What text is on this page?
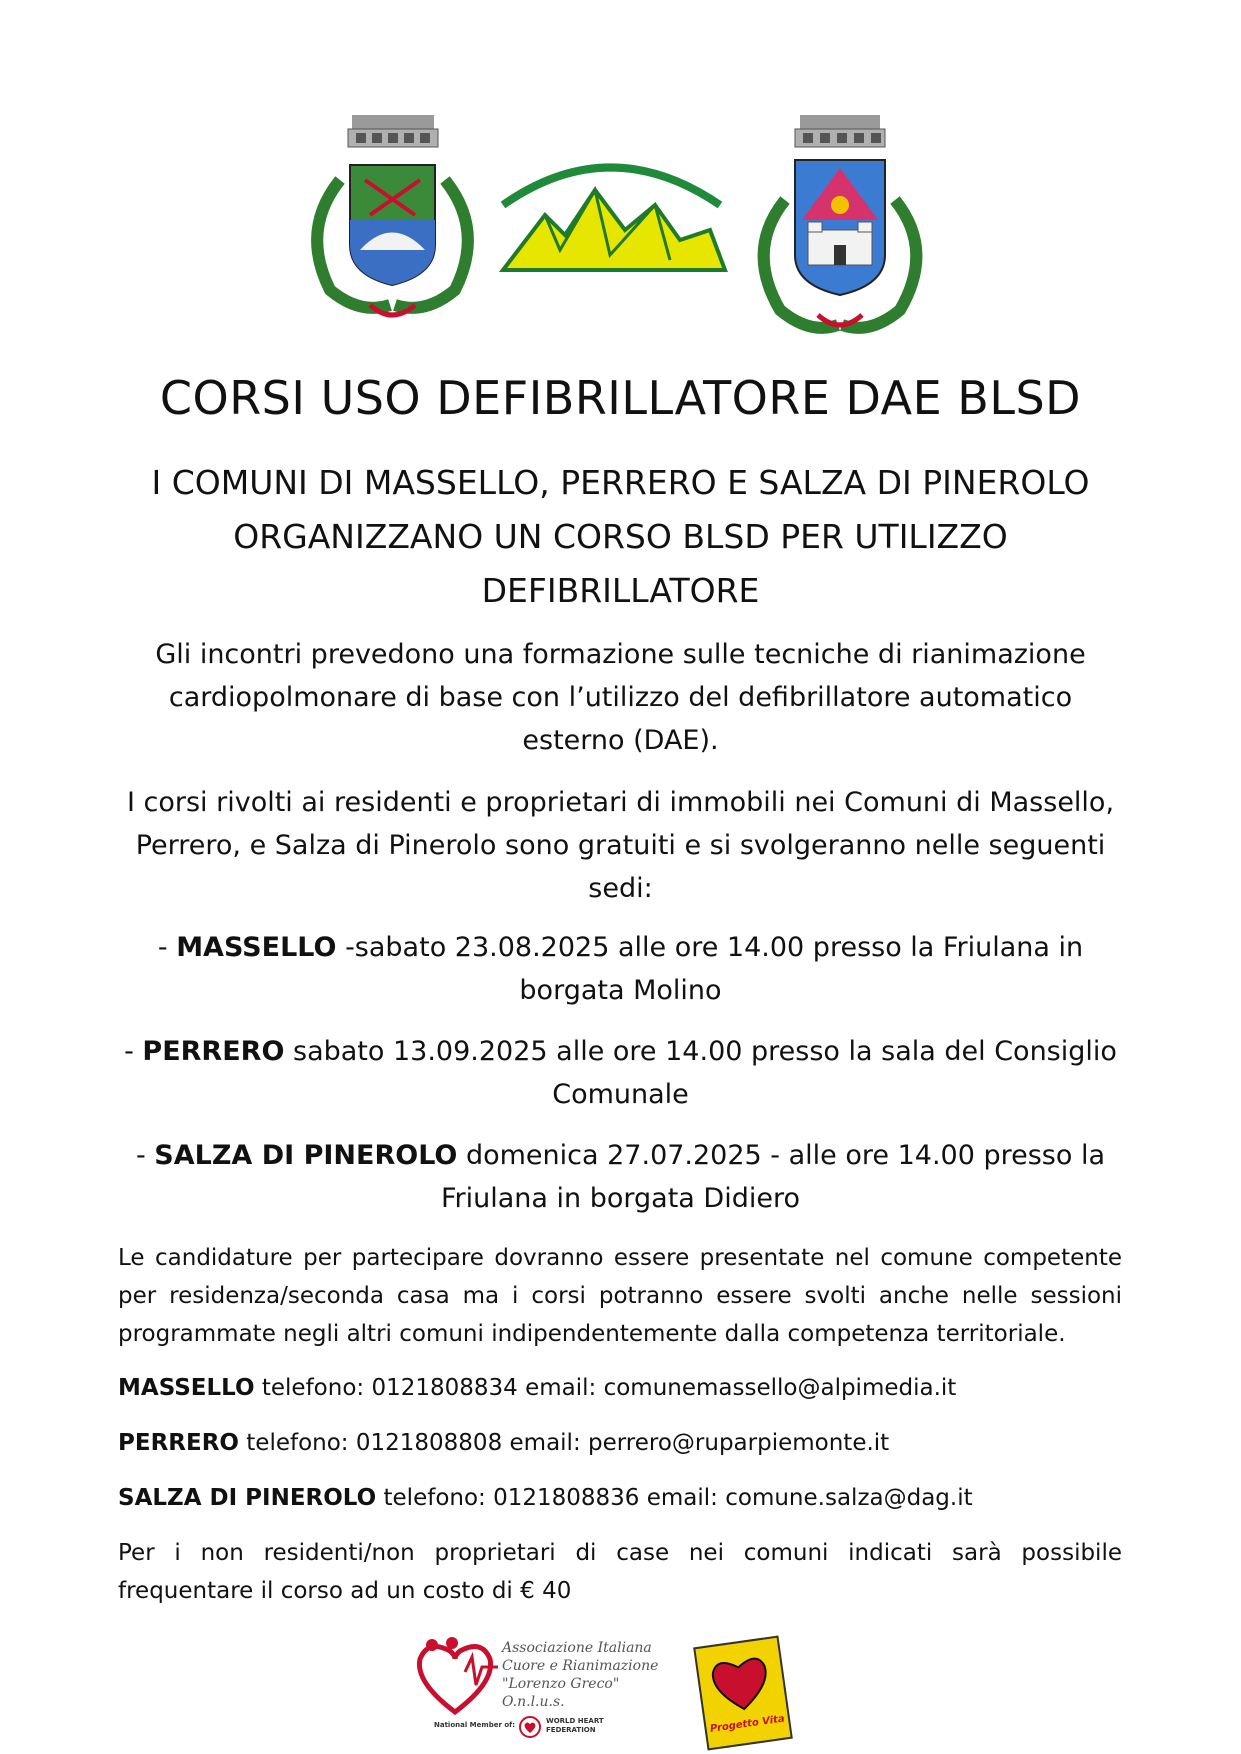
CORSI USO DEFIBRILLATORE DAE BLSD
I COMUNI DI MASSELLO, PERRERO E SALZA DI PINEROLO ORGANIZZANO UN CORSO BLSD PER UTILIZZO DEFIBRILLATORE
Gli incontri prevedono una formazione sulle tecniche di rianimazione cardiopolmonare di base con l’utilizzo del defibrillatore automatico esterno (DAE).
I corsi rivolti ai residenti e proprietari di immobili nei Comuni di Massello, Perrero, e Salza di Pinerolo sono gratuiti e si svolgeranno nelle seguenti sedi:
- MASSELLO -sabato 23.08.2025 alle ore 14.00 presso la Friulana in borgata Molino
- PERRERO sabato 13.09.2025 alle ore 14.00 presso la sala del Consiglio Comunale
- SALZA DI PINEROLO domenica 27.07.2025 - alle ore 14.00 presso la Friulana in borgata Didiero
Le candidature per partecipare dovranno essere presentate nel comune competente per residenza/seconda casa ma i corsi potranno essere svolti anche nelle sessioni programmate negli altri comuni indipendentemente dalla competenza territoriale.
MASSELLO telefono: 0121808834 email: comunemassello@alpimedia.it
PERRERO telefono: 0121808808 email: perrero@ruparpiemonte.it
SALZA DI PINEROLO telefono: 0121808836 email: comune.salza@dag.it
Per i non residenti/non proprietari di case nei comuni indicati sarà possibile frequentare il corso ad un costo di € 40
Associazione Italiana
Cuore e Rianimazione
"Lorenzo Greco" O.n.l.u.s.
National Member of:	WORLD HEART
FEDERATION	Progetto Vita
